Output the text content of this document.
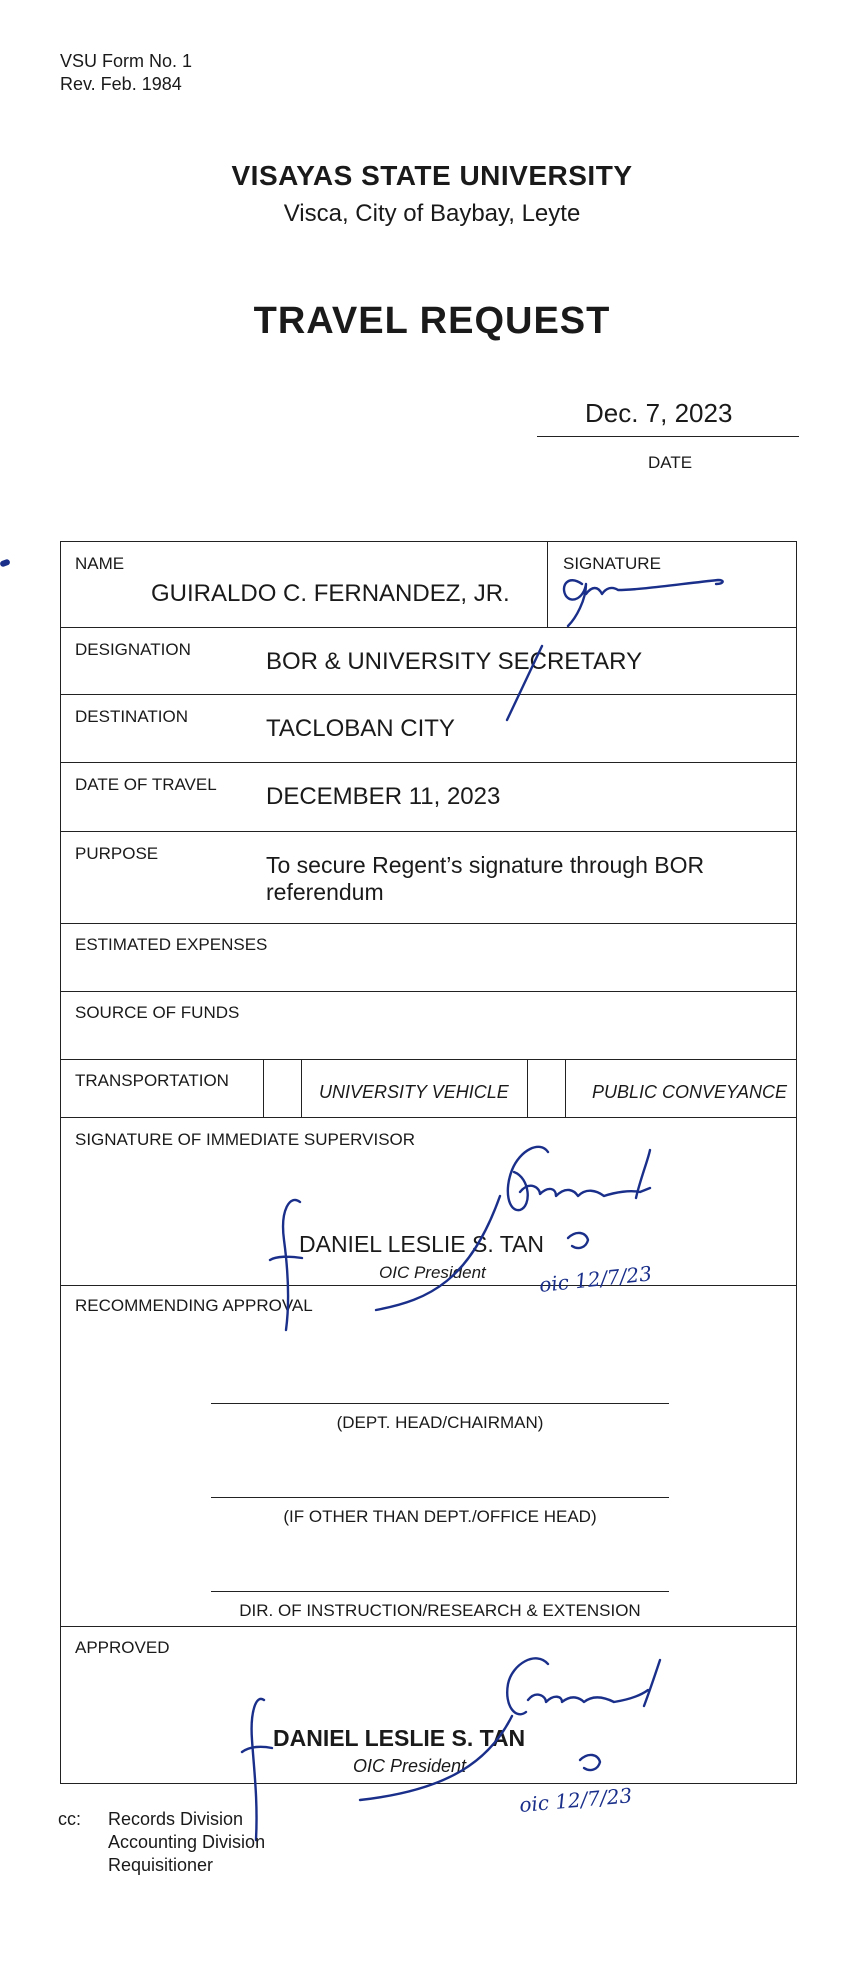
VSU Form No. 1
Rev. Feb. 1984
VISAYAS STATE UNIVERSITY
Visca, City of Baybay, Leyte
TRAVEL REQUEST
Dec. 7, 2023
DATE
NAME
GUIRALDO C. FERNANDEZ, JR.
SIGNATURE
DESIGNATION	BOR & UNIVERSITY SECRETARY
DESTINATION	TACLOBAN CITY
DATE OF TRAVEL DECEMBER 11, 2023
PURPOSE	To secure Regent’s signature through BOR
referendum
ESTIMATED EXPENSES
SOURCE OF FUNDS
TRANSPORTATION
UNIVERSITY VEHICLE	PUBLIC CONVEYANCE
SIGNATURE OF IMMEDIATE SUPERVISOR
DANIEL LESLIE S. TAN
OIC President
RECOMMENDING APPROVAL
(DEPT. HEAD/CHAIRMAN)
(IF OTHER THAN DEPT./OFFICE HEAD)
DIR. OF INSTRUCTION/RESEARCH & EXTENSION
APPROVED
DANIEL LESLIE S. TAN
OIC President
oic 12/7/23
oic 12/7/23
cc: Records Division
Accounting Division
Requisitioner
